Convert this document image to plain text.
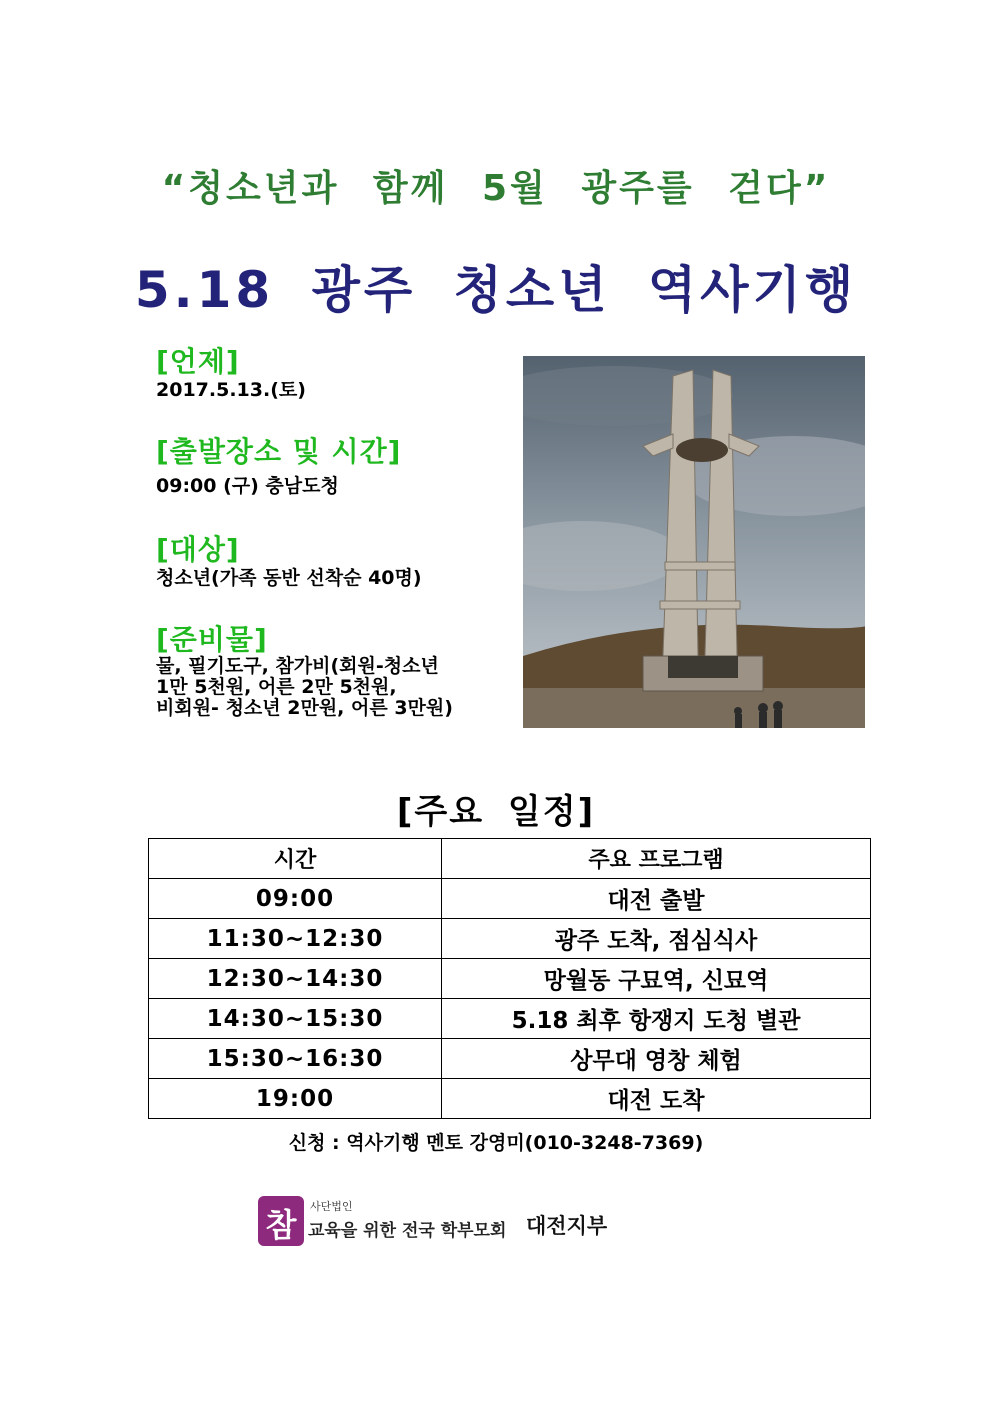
“청소년과 함께 5월 광주를 걷다”
5.18 광주 청소년 역사기행
[언제]
2017.5.13.(토)
[출발장소 및 시간]
09:00 (구) 충남도청
[대상]
청소년(가족 동반 선착순 40명)
[준비물]
물, 필기도구, 참가비(회원-청소년
1만 5천원, 어른 2만 5천원,
비회원- 청소년 2만원, 어른 3만원)
[주요 일정]
시간	주요 프로그램
09:00	대전 출발
11:30~12:30	광주 도착, 점심식사
12:30~14:30	망월동 구묘역, 신묘역
14:30~15:30	5.18 최후 항쟁지 도청 별관
15:30~16:30	상무대 영창 체험
19:00	대전 도착
신청 : 역사기행 멘토 강영미(010-3248-7369)
참	사단법인
교육을 위한 전국 학부모회 대전지부
